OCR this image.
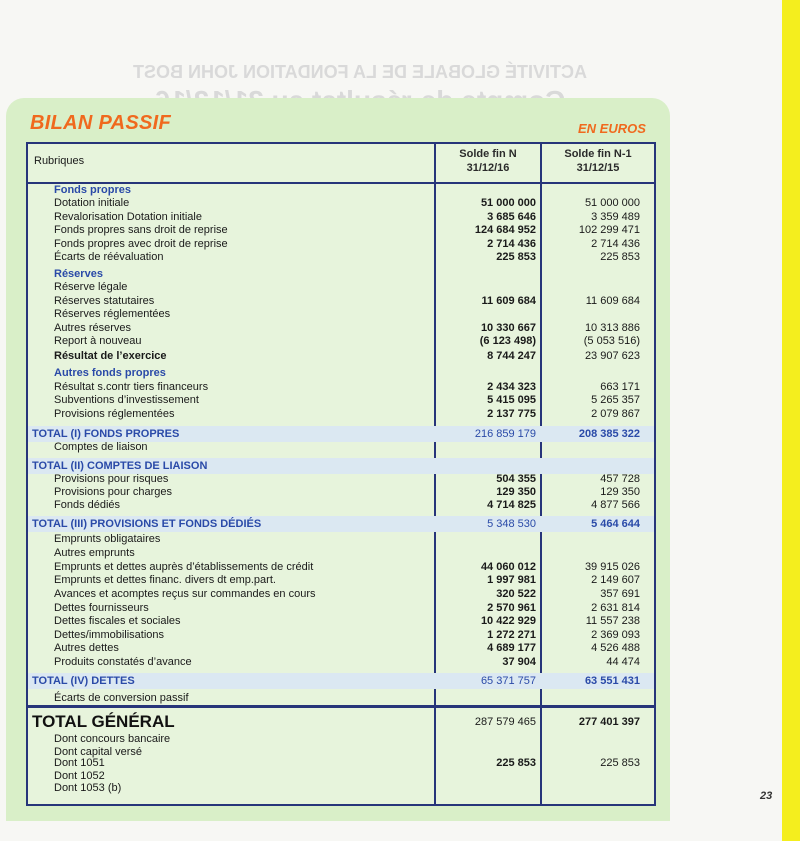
ACTIVITÉ GLOBALE DE LA FONDATION JOHN BOST
BILAN PASSIF	EN EUROS
Rubriques
Solde fin N
31/12/16
Solde fin N-1
31/12/15
Fonds propres
Dotation initiale	51 000 000	51 000 000
Revalorisation Dotation initiale	3 685 646	3 359 489
Fonds propres sans droit de reprise	124 684 952	102 299 471
Fonds propres avec droit de reprise	2 714 436	2 714 436
Écarts de réévaluation	225 853	225 853
Réserves
Réserve légale
Réserves statutaires	11 609 684	11 609 684
Réserves réglementées
Autres réserves	10 330 667	10 313 886
Report à nouveau	(6 123 498)	(5 053 516)
Résultat de l’exercice	8 744 247	23 907 623
Autres fonds propres
Résultat s.contr tiers financeurs	2 434 323	663 171
Subventions d’investissement	5 415 095	5 265 357
Provisions réglementées	2 137 775	2 079 867
TOTAL (I) FONDS PROPRES	216 859 179	208 385 322
Comptes de liaison
TOTAL (II) COMPTES DE LIAISON
Provisions pour risques	504 355	457 728
Provisions pour charges	129 350	129 350
Fonds dédiés	4 714 825	4 877 566
TOTAL (III) PROVISIONS ET FONDS DÉDIÉS	5 348 530	5 464 644
Emprunts obligataires
Autres emprunts
Emprunts et dettes auprès d’établissements de crédit	44 060 012	39 915 026
Emprunts et dettes financ. divers dt emp.part.	1 997 981	2 149 607
Avances et acomptes reçus sur commandes en cours	320 522	357 691
Dettes fournisseurs	2 570 961	2 631 814
Dettes fiscales et sociales	10 422 929	11 557 238
Dettes/immobilisations	1 272 271	2 369 093
Autres dettes	4 689 177	4 526 488
Produits constatés d’avance	37 904	44 474
TOTAL (IV) DETTES	65 371 757	63 551 431
Écarts de conversion passif
TOTAL GÉNÉRAL	287 579 465	277 401 397
Dont concours bancaire
Dont capital versé
Dont 1051	225 853	225 853
Dont 1052
Dont 1053 (b)
23
